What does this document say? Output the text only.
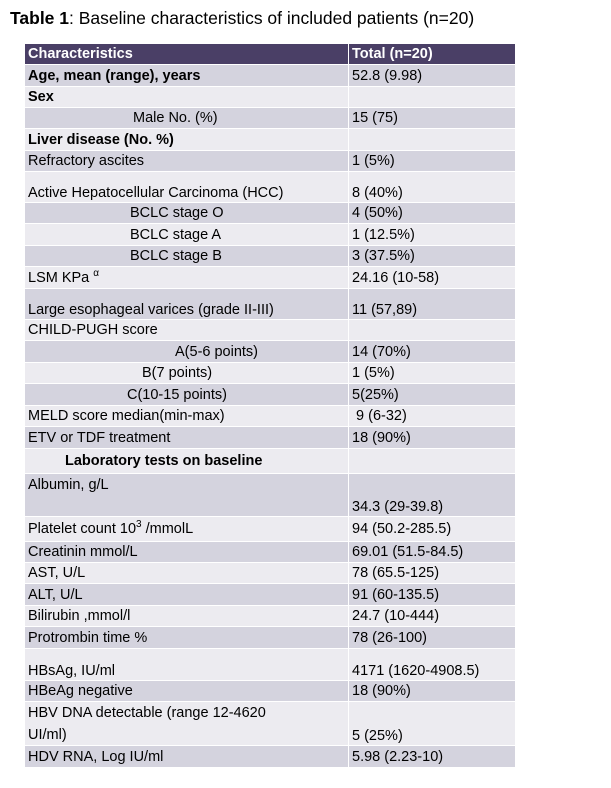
Table 1: Baseline characteristics of included patients (n=20)
Characteristics	Total (n=20)
Age, mean (range), years	52.8 (9.98)
Sex	
Male No. (%)	15 (75)
Liver disease (No. %)	
Refractory ascites	1 (5%)
Active Hepatocellular Carcinoma (HCC)	8 (40%)
BCLC stage O	4 (50%)
BCLC stage A	1 (12.5%)
BCLC stage B	3 (37.5%)
LSM KPa $^\alpha$	24.16 (10-58)
Large esophageal varices (grade II-III)	11 (57,89)
CHILD-PUGH score	
A(5-6 points)	14 (70%)
B(7 points)	1 (5%)
C(10-15 points)	5(25%)
MELD score median(min-max)	9 (6-32)
ETV or TDF treatment	18 (90%)
Laboratory tests on baseline	
Albumin, g/L	34.3 (29-39.8)
Platelet count $10^3$ /mmolL	94 (50.2-285.5)
Creatinin mmol/L	69.01 (51.5-84.5)
AST, U/L	78 (65.5-125)
ALT, U/L	91 (60-135.5)
Bilirubin ,mmol/l	24.7 (10-444)
Protrombin time %	78 (26-100)
HBsAg, IU/ml	4171 (1620-4908.5)
HBeAg negative	18 (90%)

HBV DNA detectable (range 12-4620
UI/ml)	5 (25%)
HDV RNA, Log IU/ml	5.98 (2.23-10)
